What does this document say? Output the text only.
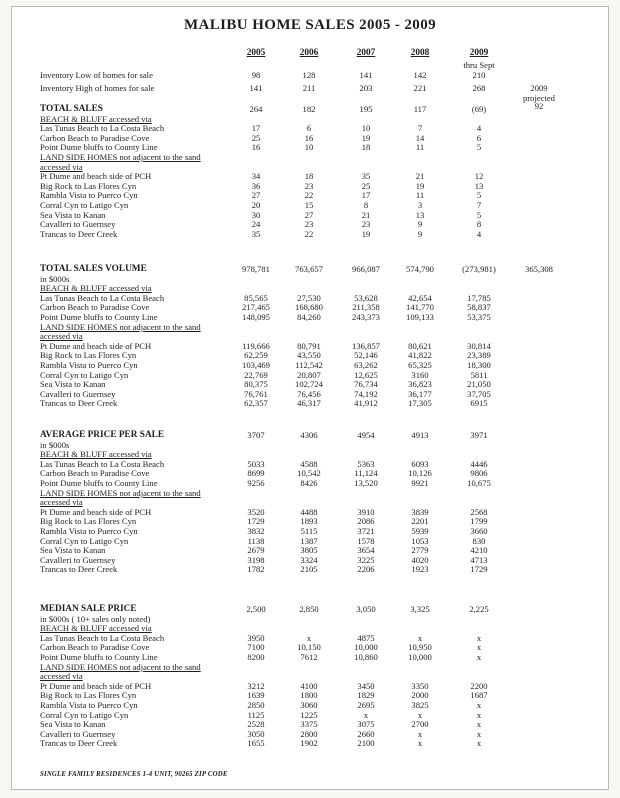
MALIBU HOME SALES 2005 - 2009
2005	2006	2007	2008	2009
thru Sept
Inventory Low of homes for sale	98	128	141	142	210
Inventory High of homes for sale	141	211	203	221	268	2009
projected
TOTAL SALES	264	182	195	117	(69)	92
BEACH & BLUFF accessed via
Las Tunas Beach to La Costa Beach	17	6	10	7	4
Carbon Beach to Paradise Cove	25	16	19	14	6
Point Dume bluffs to County Line	16	10	18	11	5
LAND SIDE HOMES not adjacent to the sand
accessed via
Pt Dume and beach side of PCH	34	18	35	21	12
Big Rock to Las Flores Cyn	36	23	25	19	13
Rambla Vista to Puerco Cyn	27	22	17	11	5
Corral Cyn to Latigo Cyn	20	15	8	3	7
Sea Vista to Kanan	30	27	21	13	5
Cavalleri to Guernsey	24	23	23	9	8
Trancas to Deer Creek	35	22	19	9	4
TOTAL SALES VOLUME	978,781	763,657	966,087	574,790	(273,981)	365,308
in $000s
BEACH & BLUFF accessed via
Las Tunas Beach to La Costa Beach	85,565	27,530	53,628	42,654	17,785
Carbon Beach to Paradise Cove	217,465	168,680	211,358	141,770	58,837
Point Dume bluffs to County Line	148,095	84,260	243,373	109,133	53,375
LAND SIDE HOMES not adjacent to the sand
accessed via
Pt Dume and beach side of PCH	119,666	80,791	136,857	80,621	30,814
Big Rock to Las Flores Cyn	62,259	43,550	52,146	41,822	23,389
Rambla Vista to Puerco Cyn	103,469	112,542	63,262	65,325	18,300
Corral Cyn to Latigo Cyn	22,769	20,807	12,625	3160	5811
Sea Vista to Kanan	80,375	102,724	76,734	36,823	21,050
Cavalleri to Guernsey	76,761	76,456	74,192	36,177	37,705
Trancas to Deer Creek	62,357	46,317	41,912	17,305	6915
AVERAGE PRICE PER SALE	3707	4306	4954	4913	3971
in $000s
BEACH & BLUFF accessed via
Las Tunas Beach to La Costa Beach	5033	4588	5363	6093	4446
Carbon Beach to Paradise Cove	8699	10,542	11,124	10,126	9806
Point Dume bluffs to County Line	9256	8426	13,520	9921	10,675
LAND SIDE HOMES not adjacent to the sand
accessed via
Pt Dume and beach side of PCH	3520	4488	3910	3839	2568
Big Rock to Las Flores Cyn	1729	1893	2086	2201	1799
Rambla Vista to Puerco Cyn	3832	5115	3721	5939	3660
Corral Cyn to Latigo Cyn	1138	1387	1578	1053	830
Sea Vista to Kanan	2679	3805	3654	2779	4210
Cavalleri to Guernsey	3198	3324	3225	4020	4713
Trancas to Deer Creek	1782	2105	2206	1923	1729
MEDIAN SALE PRICE	2,500	2,850	3,050	3,325	2,225
in $000s ( 10+ sales only noted)
BEACH & BLUFF accessed via
Las Tunas Beach to La Costa Beach	3950	x	4875	x	x
Carbon Beach to Paradise Cove	7100	10,150	10,000	10,950	x
Point Dume bluffs to County Line	8200	7612	10,860	10,000	x
LAND SIDE HOMES not adjacent to the sand
accessed via
Pt Dume and beach side of PCH	3212	4100	3450	3350	2200
Big Rock to Las Flores Cyn	1639	1800	1829	2000	1687
Rambla Vista to Puerco Cyn	2850	3060	2695	3825	x
Corral Cyn to Latigo Cyn	1125	1225	x	x	x
Sea Vista to Kanan	2528	3375	3075	2700	x
Cavalleri to Guernsey	3050	2800	2660	x	x
Trancas to Deer Creek	1655	1902	2100	x	x
SINGLE FAMILY RESIDENCES 1-4 UNIT, 90265 ZIP CODE
